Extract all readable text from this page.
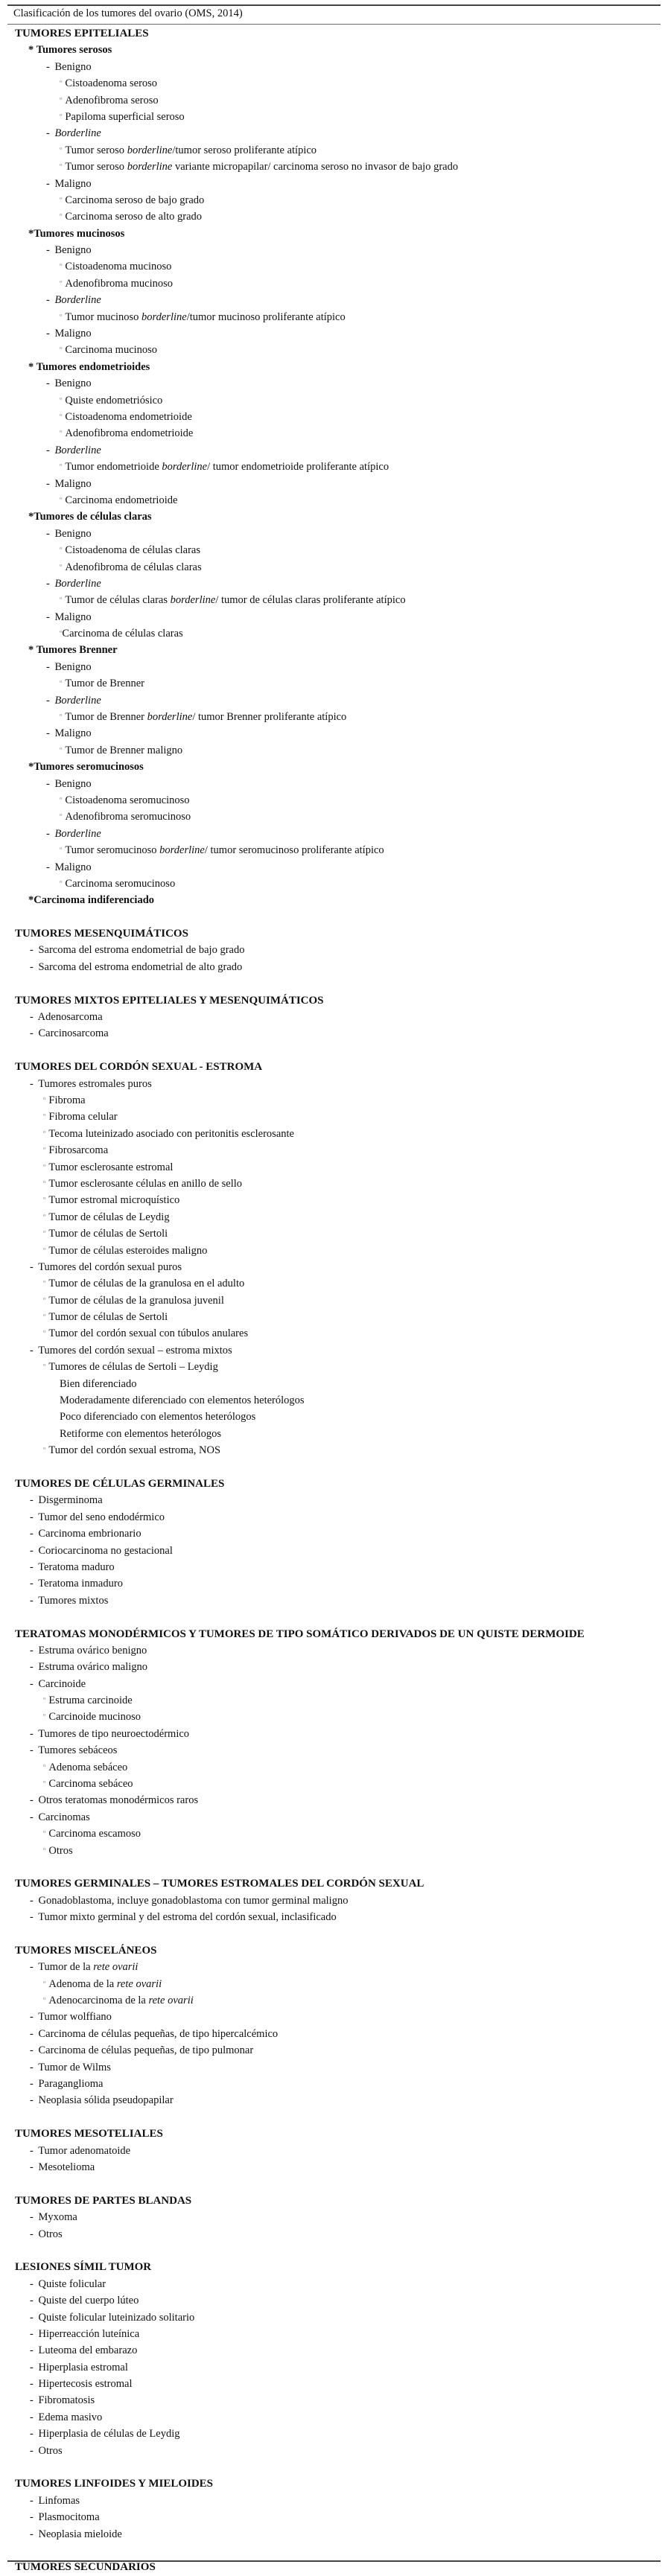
Clasificación de los tumores del ovario (OMS, 2014)
TUMORES EPITELIALES
* Tumores serosos
- Benigno
º Cistoadenoma seroso
º Adenofibroma seroso
º Papiloma superficial seroso
- Borderline
º Tumor seroso borderline/tumor seroso proliferante atípico
º Tumor seroso borderline variante micropapilar/ carcinoma seroso no invasor de bajo grado
- Maligno
º Carcinoma seroso de bajo grado
º Carcinoma seroso de alto grado
*Tumores mucinosos
- Benigno
º Cistoadenoma mucinoso
º Adenofibroma mucinoso
- Borderline
º Tumor mucinoso borderline/tumor mucinoso proliferante atípico
- Maligno
º Carcinoma mucinoso
* Tumores endometrioides
- Benigno
º Quiste endometriósico
º Cistoadenoma endometrioide
º Adenofibroma endometrioide
- Borderline
º Tumor endometrioide borderline/ tumor endometrioide proliferante atípico
- Maligno
º Carcinoma endometrioide
*Tumores de células claras
- Benigno
º Cistoadenoma de células claras
º Adenofibroma de células claras
- Borderline
º Tumor de células claras borderline/ tumor de células claras proliferante atípico
- Maligno
ºCarcinoma de células claras
* Tumores Brenner
- Benigno
º Tumor de Brenner
- Borderline
º Tumor de Brenner borderline/ tumor Brenner proliferante atípico
- Maligno
º Tumor de Brenner maligno
*Tumores seromucinosos
- Benigno
º Cistoadenoma seromucinoso
º Adenofibroma seromucinoso
- Borderline
º Tumor seromucinoso borderline/ tumor seromucinoso proliferante atípico
- Maligno
º Carcinoma seromucinoso
*Carcinoma indiferenciado
TUMORES MESENQUIMÁTICOS
- Sarcoma del estroma endometrial de bajo grado
- Sarcoma del estroma endometrial de alto grado
TUMORES MIXTOS EPITELIALES Y MESENQUIMÁTICOS
- Adenosarcoma
- Carcinosarcoma
TUMORES DEL CORDÓN SEXUAL - ESTROMA
- Tumores estromales puros
º Fibroma
º Fibroma celular
º Tecoma luteinizado asociado con peritonitis esclerosante
º Fibrosarcoma
º Tumor esclerosante estromal
º Tumor esclerosante células en anillo de sello
º Tumor estromal microquístico
º Tumor de células de Leydig
º Tumor de células de Sertoli
º Tumor de células esteroides maligno
- Tumores del cordón sexual puros
º Tumor de células de la granulosa en el adulto
º Tumor de células de la granulosa juvenil
º Tumor de células de Sertoli
º Tumor del cordón sexual con túbulos anulares
- Tumores del cordón sexual – estroma mixtos
º Tumores de células de Sertoli – Leydig
Bien diferenciado
Moderadamente diferenciado con elementos heterólogos
Poco diferenciado con elementos heterólogos
Retiforme con elementos heterólogos
º Tumor del cordón sexual estroma, NOS
TUMORES DE CÉLULAS GERMINALES
- Disgerminoma
- Tumor del seno endodérmico
- Carcinoma embrionario
- Coriocarcinoma no gestacional
- Teratoma maduro
- Teratoma inmaduro
- Tumores mixtos
TERATOMAS MONODÉRMICOS Y TUMORES DE TIPO SOMÁTICO DERIVADOS DE UN QUISTE DERMOIDE
- Estruma ovárico benigno
- Estruma ovárico maligno
- Carcinoide
º Estruma carcinoide
º Carcinoide mucinoso
- Tumores de tipo neuroectodérmico
- Tumores sebáceos
º Adenoma sebáceo
º Carcinoma sebáceo
- Otros teratomas monodérmicos raros
- Carcinomas
º Carcinoma escamoso
º Otros
TUMORES GERMINALES – TUMORES ESTROMALES DEL CORDÓN SEXUAL
- Gonadoblastoma, incluye gonadoblastoma con tumor germinal maligno
- Tumor mixto germinal y del estroma del cordón sexual, inclasificado
TUMORES MISCELÁNEOS
- Tumor de la rete ovarii
º Adenoma de la rete ovarii
º Adenocarcinoma de la rete ovarii
- Tumor wolffiano
- Carcinoma de células pequeñas, de tipo hipercalcémico
- Carcinoma de células pequeñas, de tipo pulmonar
- Tumor de Wilms
- Paraganglioma
- Neoplasia sólida pseudopapilar
TUMORES MESOTELIALES
- Tumor adenomatoide
- Mesotelioma
TUMORES DE PARTES BLANDAS
- Myxoma
- Otros
LESIONES SÍMIL TUMOR
- Quiste folicular
- Quiste del cuerpo lúteo
- Quiste folicular luteinizado solitario
- Hiperreacción luteínica
- Luteoma del embarazo
- Hiperplasia estromal
- Hipertecosis estromal
- Fibromatosis
- Edema masivo
- Hiperplasia de células de Leydig
- Otros
TUMORES LINFOIDES Y MIELOIDES
- Linfomas
- Plasmocitoma
- Neoplasia mieloide
TUMORES SECUNDARIOS
